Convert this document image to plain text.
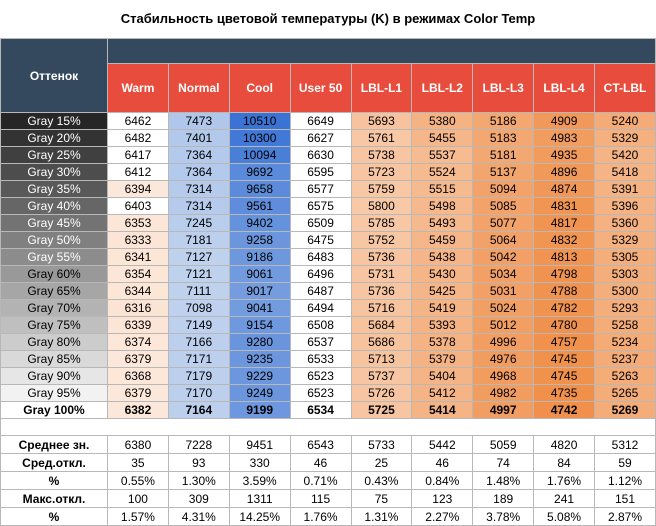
Стабильность цветовой температуры (K) в режимах Color Temp
Оттенок									
	Warm	Normal	Cool	User 50	LBL-L1	LBL-L2	LBL-L3	LBL-L4	CT-LBL
Gray 15%	6462	7473	10510	6649	5693	5380	5186	4909	5240
Gray 20%	6482	7401	10300	6627	5761	5455	5183	4983	5329
Gray 25%	6417	7364	10094	6630	5738	5537	5181	4935	5420
Gray 30%	6412	7364	9692	6595	5723	5524	5137	4896	5418
Gray 35%	6394	7314	9658	6577	5759	5515	5094	4874	5391
Gray 40%	6403	7314	9561	6575	5800	5498	5085	4831	5396
Gray 45%	6353	7245	9402	6509	5785	5493	5077	4817	5360
Gray 50%	6333	7181	9258	6475	5752	5459	5064	4832	5329
Gray 55%	6341	7127	9186	6483	5736	5438	5042	4813	5305
Gray 60%	6354	7121	9061	6496	5731	5430	5034	4798	5303
Gray 65%	6344	7111	9017	6487	5736	5425	5031	4788	5300
Gray 70%	6316	7098	9041	6494	5716	5419	5024	4782	5293
Gray 75%	6339	7149	9154	6508	5684	5393	5012	4780	5258
Gray 80%	6374	7166	9280	6537	5686	5378	4996	4757	5234
Gray 85%	6379	7171	9235	6533	5713	5379	4976	4745	5237
Gray 90%	6368	7179	9229	6523	5737	5404	4968	4745	5263
Gray 95%	6379	7170	9249	6523	5726	5412	4982	4735	5265
Gray 100%	6382	7164	9199	6534	5725	5414	4997	4742	5269

Среднее зн.	6380	7228	9451	6543	5733	5442	5059	4820	5312
Сред.откл.	35	93	330	46	25	46	74	84	59
%	0.55%	1.30%	3.59%	0.71%	0.43%	0.84%	1.48%	1.76%	1.12%
Макс.откл.	100	309	1311	115	75	123	189	241	151
%	1.57%	4.31%	14.25%	1.76%	1.31%	2.27%	3.78%	5.08%	2.87%
